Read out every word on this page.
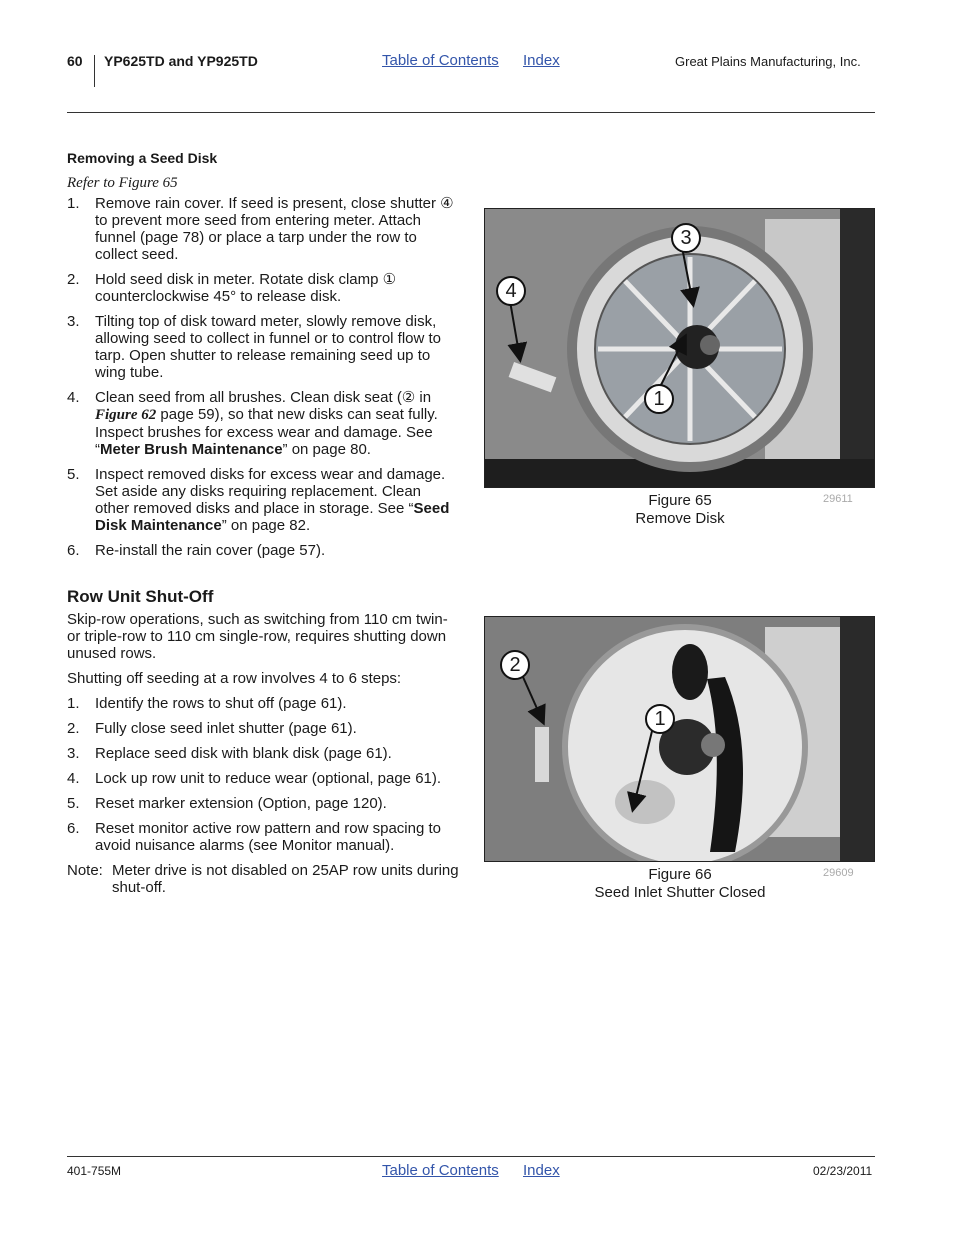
60 YP625TD and YP925TD	Table of Contents Index	Great Plains Manufacturing, Inc.
Removing a Seed Disk
Refer to Figure 65
1. Remove rain cover. If seed is present, close shutter ④ to prevent more seed from entering meter. Attach funnel (page 78) or place a tarp under the row to collect seed.
2. Hold seed disk in meter. Rotate disk clamp ① counterclockwise 45° to release disk.
3. Tilting top of disk toward meter, slowly remove disk, allowing seed to collect in funnel or to control flow to tarp. Open shutter to release remaining seed up to wing tube.
4. Clean seed from all brushes. Clean disk seat (② in Figure 62 page 59), so that new disks can seat fully. Inspect brushes for excess wear and damage. See “Meter Brush Maintenance” on page 80.
5. Inspect removed disks for excess wear and damage. Set aside any disks requiring replacement. Clean other removed disks and place in storage. See “Seed Disk Maintenance” on page 82.
6. Re-install the rain cover (page 57).
Row Unit Shut-Off
Skip-row operations, such as switching from 110 cm twin- or triple-row to 110 cm single-row, requires shutting down unused rows.
Shutting off seeding at a row involves 4 to 6 steps:
1. Identify the rows to shut off (page 61).
2. Fully close seed inlet shutter (page 61).
3. Replace seed disk with blank disk (page 61).
4. Lock up row unit to reduce wear (optional, page 61).
5. Reset marker extension (Option, page 120).
6. Reset monitor active row pattern and row spacing to avoid nuisance alarms (see Monitor manual).
Note: Meter drive is not disabled on 25AP row units during shut-off.
3
4
1
Figure 65
Remove Disk
29611
2
1
Figure 66
Seed Inlet Shutter Closed
29609
401-755M	Table of Contents Index	02/23/2011
